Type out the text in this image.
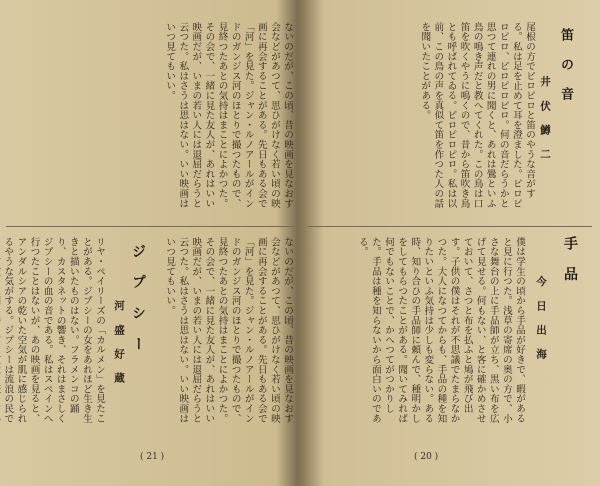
ないのだが、この頃、昔の映画を見なおす会などがあつて、思ひがけなく若い頃の映画に再会することがある。先日もある会で「河」を見た。ジャン・ルノアールがインドのガンジス河のほとりで撮つたもので、見終つたあとの気持はまことによかつた。その会で、一緒に見た友人が、あれはいい映画だが、いまの若い人には退屈だらうと云つた。私はさうは思はない。いい映画はいつ見てもいい。
ジ プ シ ー
河 盛 好 蔵
リヤ・ペイリーズの「カルメン」を見たことがある。ジプシーの女をあれほど生き生きと描いたものはない。フラメンコの踊り、カスタネットの響き、それはまさしくジプシーの血の音である。私はスペインへ行つたことはないが、あの映画を見ると、アンダルシアの乾いた空気が肌に感じられるやうな気がする。ジプシーは流浪の民で	ないのだが、この頃、昔の映画を見なおす会などがあつて、思ひがけなく若い頃の映画に再会することがある。先日もある会で「河」を見た。ジャン・ルノアールがインドのガンジス河のほとりで撮つたもので、見終つたあとの気持はまことによかつた。その会で、一緒に見た友人が、あれはいい映画だが、いまの若い人には退屈だらうと云つた。私はさうは思はない。いい映画はいつ見てもいい。
( 21 )
笛 の 音
井 伏 鱒 二
尾根の方でピロピロと笛のやうな音がする。私は足を止めて耳を澄ました。ピロピロピロ、ピロピロピロ。何の音だらうかと思つて連れの男に聞くと、あれは鷽といふ鳥の鳴き声だと教へてくれた。この鳥は口笛を吹くやうに鳴くので、昔から笛吹き鳥とも呼ばれてゐる。ピロピロピロ。私は以前、この鳥の声を真似て笛を作つた人の話を聞いたことがある。
手 品
今 日 出 海
僕は学生の頃から手品が好きで、暇があると見に行つた。浅草の寄席の奥の方で、小さな舞台の上に手品師が立ち、黒い布を広げて見せる。何もない、と客に確かめさせておいて、さつと布を払ふと鳩が飛び出す。子供の僕はそれが不思議でたまらなかつた。大人になつてからも、手品の種を知りたいといふ気持は少しも変らない。ある時、知り合ひの手品師に頼んで、種明かしをしてもらつたことがある。聞いてみれば何でもないことで、かへつてがつかりした。手品は種を知らないから面白いのである。
( 20 )
